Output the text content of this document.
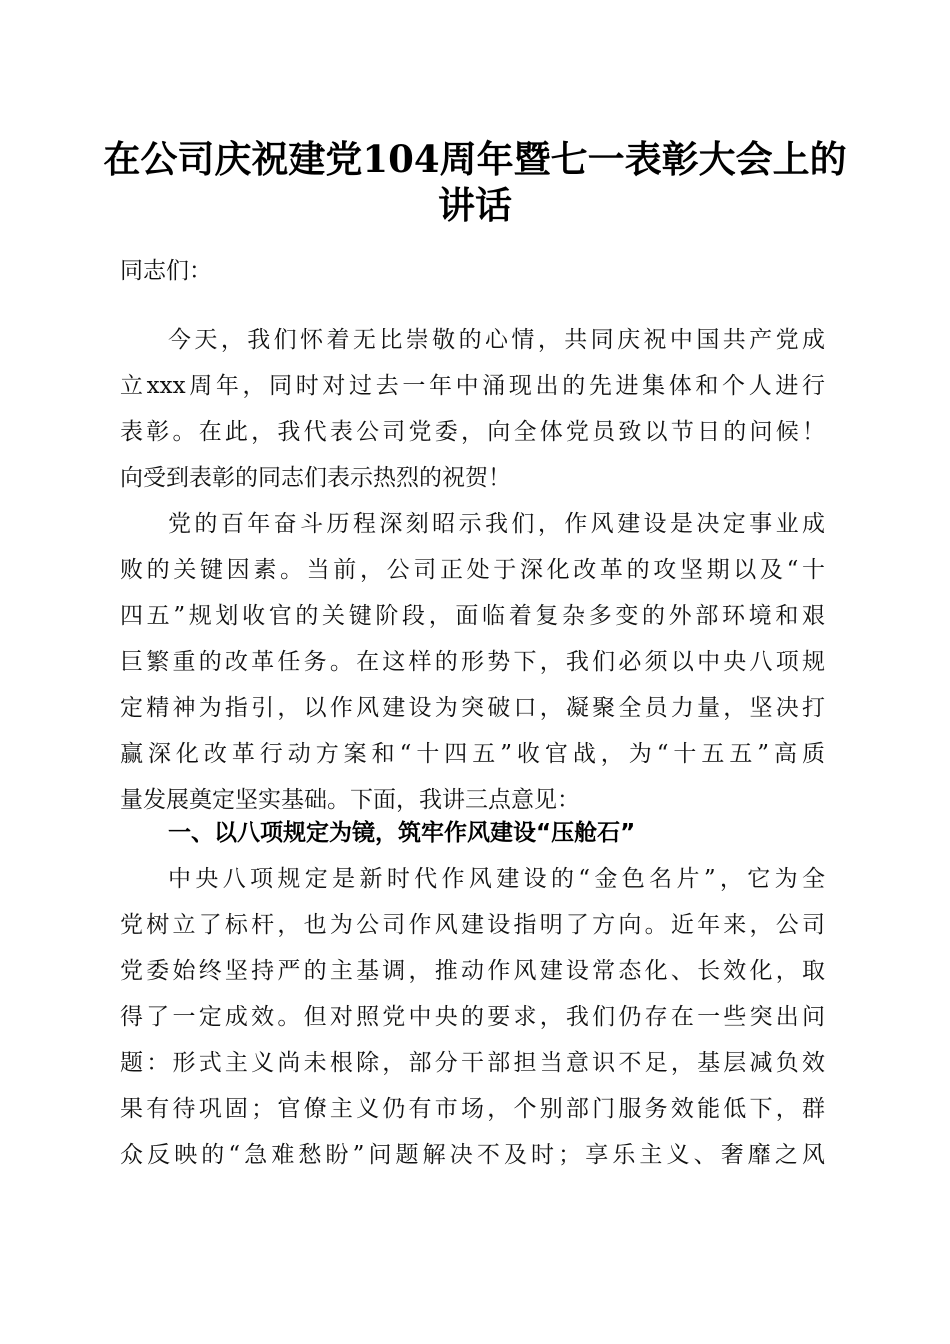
在公司庆祝建党104周年暨七一表彰大会上的
讲话
同志们：
今天，我们怀着无比崇敬的心情，共同庆祝中国共产党成
立xxx周年，同时对过去一年中涌现出的先进集体和个人进行
表彰。在此，我代表公司党委，向全体党员致以节日的问候！
向受到表彰的同志们表示热烈的祝贺！
党的百年奋斗历程深刻昭示我们，作风建设是决定事业成
败的关键因素。当前，公司正处于深化改革的攻坚期以及“十
四五”规划收官的关键阶段，面临着复杂多变的外部环境和艰
巨繁重的改革任务。在这样的形势下，我们必须以中央八项规
定精神为指引，以作风建设为突破口，凝聚全员力量，坚决打
赢深化改革行动方案和“十四五”收官战，为“十五五”高质
量发展奠定坚实基础。下面，我讲三点意见：
一、以八项规定为镜，筑牢作风建设“压舱石”
中央八项规定是新时代作风建设的“金色名片”，它为全
党树立了标杆，也为公司作风建设指明了方向。近年来，公司
党委始终坚持严的主基调，推动作风建设常态化、长效化，取
得了一定成效。但对照党中央的要求，我们仍存在一些突出问
题：形式主义尚未根除，部分干部担当意识不足，基层减负效
果有待巩固；官僚主义仍有市场，个别部门服务效能低下，群
众反映的“急难愁盼”问题解决不及时；享乐主义、奢靡之风
